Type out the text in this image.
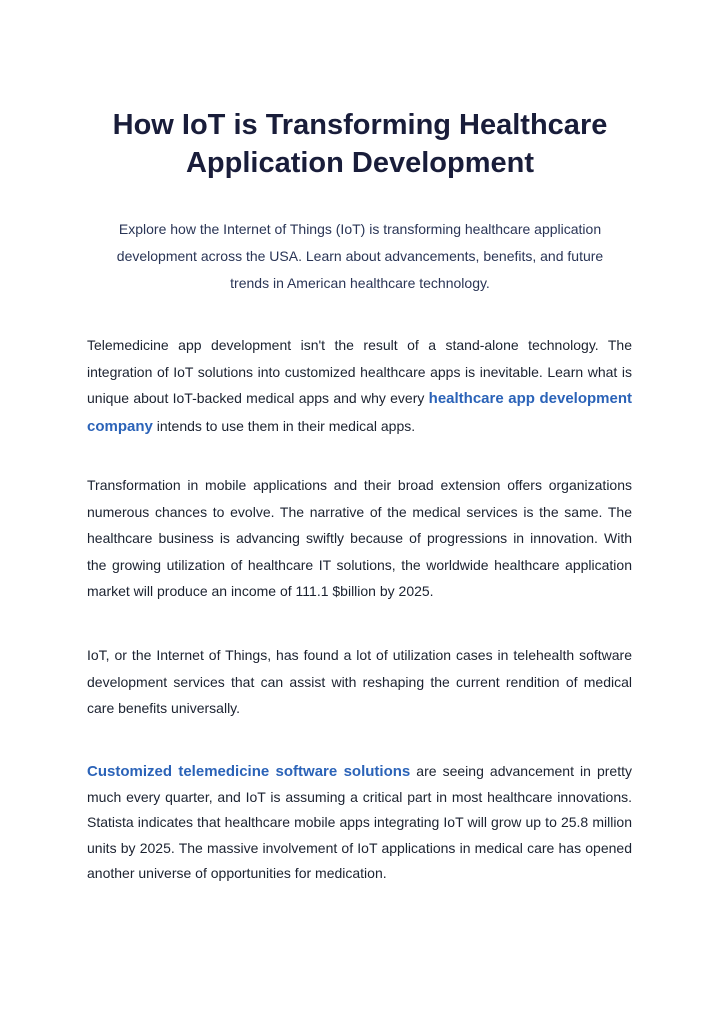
How IoT is Transforming Healthcare Application Development

Explore how the Internet of Things (IoT) is transforming healthcare application development across the USA. Learn about advancements, benefits, and future trends in American healthcare technology.

Telemedicine app development isn't the result of a stand-alone technology. The integration of IoT solutions into customized healthcare apps is inevitable. Learn what is unique about IoT-backed medical apps and why every healthcare app development company intends to use them in their medical apps.

Transformation in mobile applications and their broad extension offers organizations numerous chances to evolve. The narrative of the medical services is the same. The healthcare business is advancing swiftly because of progressions in innovation. With the growing utilization of healthcare IT solutions, the worldwide healthcare application market will produce an income of 111.1 $billion by 2025.

IoT, or the Internet of Things, has found a lot of utilization cases in telehealth software development services that can assist with reshaping the current rendition of medical care benefits universally.

Customized telemedicine software solutions are seeing advancement in pretty much every quarter, and IoT is assuming a critical part in most healthcare innovations. Statista indicates that healthcare mobile apps integrating IoT will grow up to 25.8 million units by 2025. The massive involvement of IoT applications in medical care has opened another universe of opportunities for medication.
